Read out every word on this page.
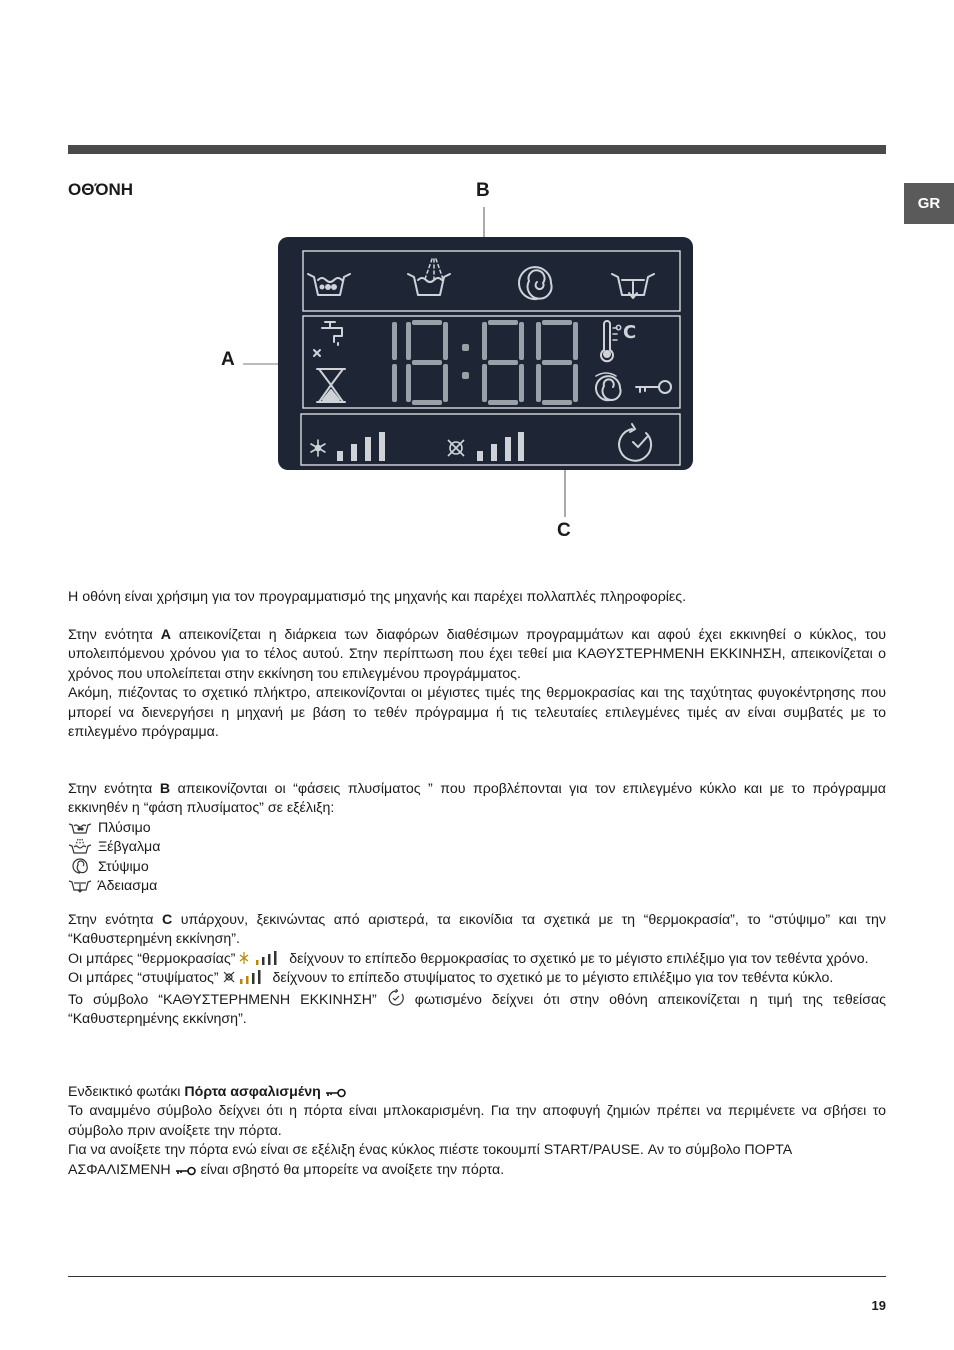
GR
ΟΘΌΝΗ	B
A
C
°C

Η οθόνη είναι χρήσιμη για τον προγραμματισμό της μηχανής και παρέχει πολλαπλές πληροφορίες.

Στην ενότητα A απεικονίζεται η διάρκεια των διαφόρων διαθέσιμων προγραμμάτων και αφού έχει εκκινηθεί ο κύκλος, του υπολειπόμενου χρόνου για το τέλος αυτού. Στην περίπτωση που έχει τεθεί μια ΚΑΘΥΣΤΕΡΗΜΕΝΗ ΕΚΚΙΝΗΣΗ, απεικονίζεται ο χρόνος που υπολείπεται στην εκκίνηση του επιλεγμένου προγράμματος.

Ακόμη, πιέζοντας το σχετικό πλήκτρο, απεικονίζονται οι μέγιστες τιμές της θερμοκρασίας και της ταχύτητας φυγοκέντρησης που μπορεί να διενεργήσει η μηχανή με βάση το τεθέν πρόγραμμα ή τις τελευταίες επιλεγμένες τιμές αν είναι συμβατές με το επιλεγμένο πρόγραμμα.

Στην ενότητα B απεικονίζονται οι “φάσεις πλυσίματος ” που προβλέπονται για τον επιλεγμένο κύκλο και με το πρόγραμμα εκκινηθέν η “φάση πλυσίματος” σε εξέλιξη:

Πλύσιμο
Ξέβγαλμα
Στύψιμο
Άδειασμα

Στην ενότητα C υπάρχουν, ξεκινώντας από αριστερά, τα εικονίδια τα σχετικά με τη “θερμοκρασία”, το “στύψιμο” και την “Καθυστερημένη εκκίνηση”.

Οι μπάρες “θερμοκρασίας”	δείχνουν το επίπεδο θερμοκρασίας το σχετικό με το μέγιστο επιλέξιμο για τον τεθέντα χρόνο.

Οι μπάρες “στυψίματος”	δείχνουν το επίπεδο στυψίματος το σχετικό με το μέγιστο επιλέξιμο για τον τεθέντα κύκλο.

Το σύμβολο “ΚΑΘΥΣΤΕΡΗΜΕΝΗ ΕΚΚΙΝΗΣΗ”  φωτισμένο δείχνει ότι στην οθόνη απεικονίζεται η τιμή της τεθείσας “Καθυστερημένης εκκίνηση”.

Ενδεικτικό φωτάκι Πόρτα ασφαλισμένη

Το αναμμένο σύμβολο δείχνει ότι η πόρτα είναι μπλοκαρισμένη. Για την αποφυγή ζημιών πρέπει να περιμένετε να σβήσει το σύμβολο πριν ανοίξετε την πόρτα.

Για να ανοίξετε την πόρτα ενώ είναι σε εξέλιξη ένας κύκλος πιέστε τοκουμπί START/PAUSE. Αν το σύμβολο ΠΟΡΤΑ

ΑΣΦΑΛΙΣΜΕΝΗ  είναι σβηστό θα μπορείτε να ανοίξετε την πόρτα.

19
